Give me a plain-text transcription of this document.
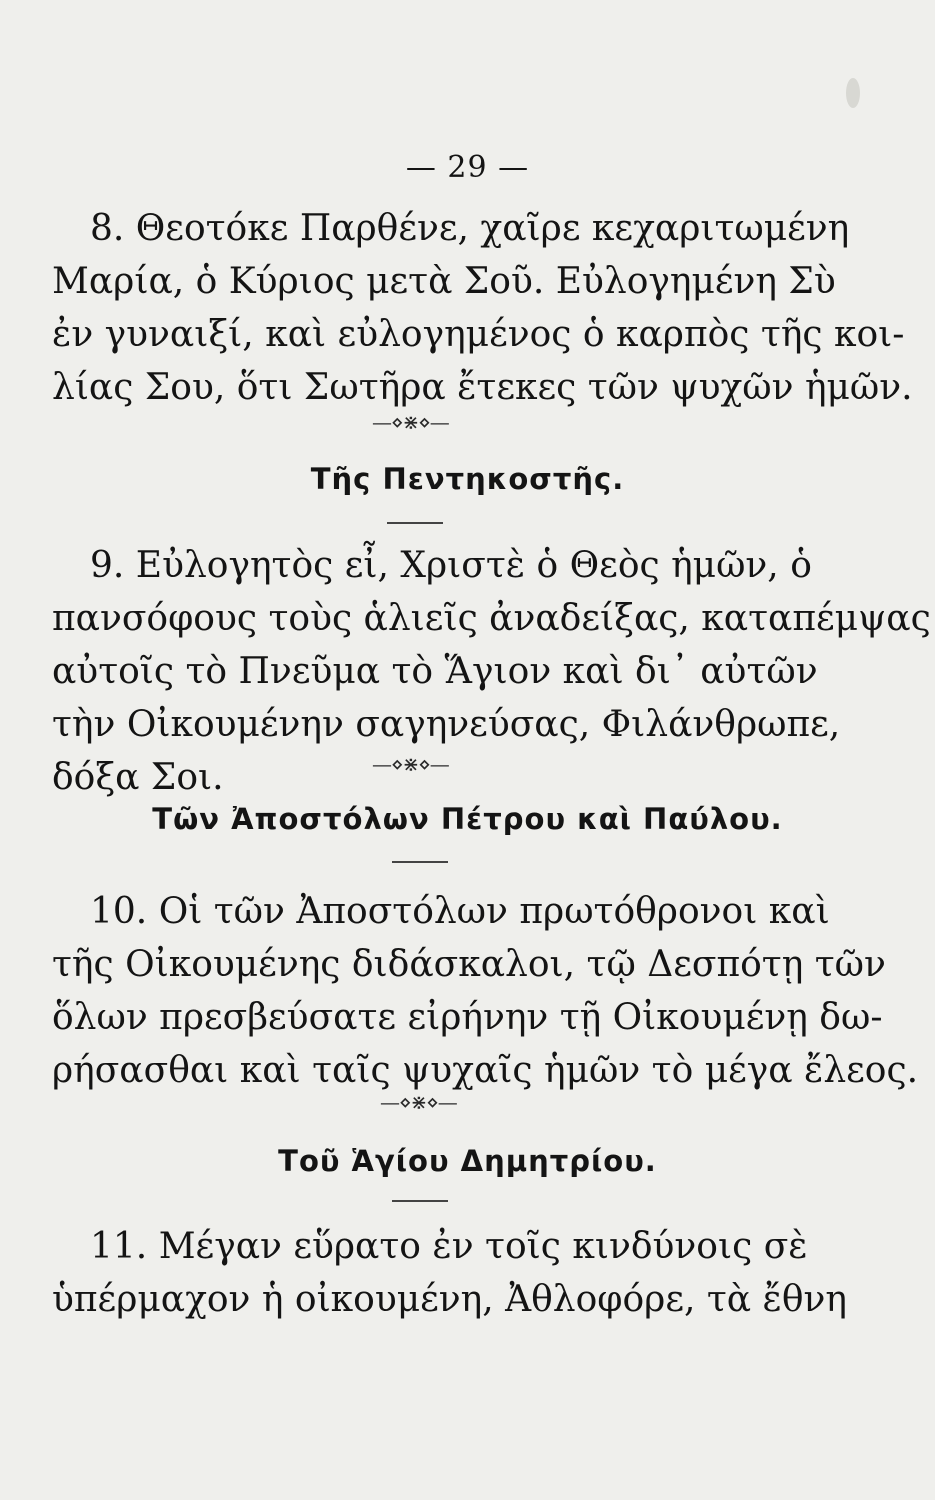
— 29 —
8. Θεοτόκε Παρθένε, χαῖρε κεχαριτωμένη
Μαρία, ὁ Κύριος μετὰ Σοῦ. Εὐλογημένη Σὺ
ἐν γυναιξί, καὶ εὐλογημένος ὁ καρπὸς τῆς κοι-
λίας Σου, ὅτι Σωτῆρα ἔτεκες τῶν ψυχῶν ἡμῶν.
—⋄⋇⋄—
Τῆς Πεντηκοστῆς.
9. Εὐλογητὸς εἶ, Χριστὲ ὁ Θεὸς ἡμῶν, ὁ
πανσόφους τοὺς ἁλιεῖς ἀναδείξας, καταπέμψας
αὐτοῖς τὸ Πνεῦμα τὸ Ἅγιον καὶ δι᾿ αὐτῶν
τὴν Οἰκουμένην σαγηνεύσας, Φιλάνθρωπε,
δόξα Σοι.	—⋄⋇⋄—
Τῶν Ἀποστόλων Πέτρου καὶ Παύλου.
10. Οἱ τῶν Ἀποστόλων πρωτόθρονοι καὶ
τῆς Οἰκουμένης διδάσκαλοι, τῷ Δεσπότῃ τῶν
ὅλων πρεσβεύσατε εἰρήνην τῇ Οἰκουμένῃ δω-
ρήσασθαι καὶ ταῖς ψυχαῖς ἡμῶν τὸ μέγα ἔλεος.
—⋄⋇⋄—
Τοῦ Ἁγίου Δημητρίου.
11. Μέγαν εὕρατο ἐν τοῖς κινδύνοις σὲ
ὑπέρμαχον ἡ οἰκουμένη, Ἀθλοφόρε, τὰ ἔθνη
